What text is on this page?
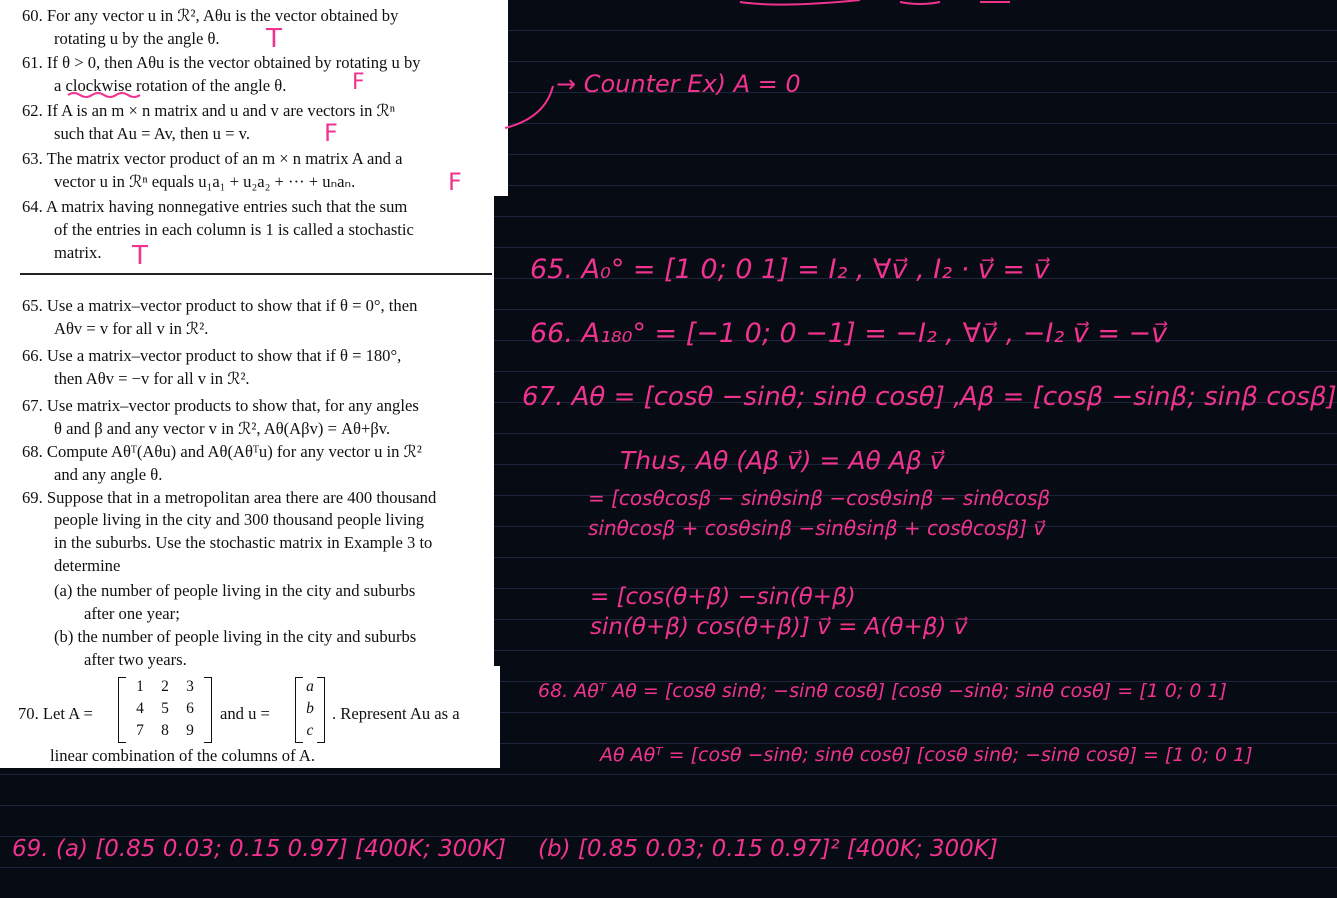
60. For any vector u in ℛ², Aθu is the vector obtained by
rotating u by the angle θ.
61. If θ > 0, then Aθu is the vector obtained by rotating u by
a clockwise rotation of the angle θ.
62. If A is an m × n matrix and u and v are vectors in ℛⁿ
such that Au = Av, then u = v.
63. The matrix vector product of an m × n matrix A and a
vector u in ℛⁿ equals u₁a₁ + u₂a₂ + ··· + uₙaₙ.
64. A matrix having nonnegative entries such that the sum
of the entries in each column is 1 is called a stochastic
matrix.
65. Use a matrix–vector product to show that if θ = 0°, then
Aθv = v for all v in ℛ².
66. Use a matrix–vector product to show that if θ = 180°,
then Aθv = −v for all v in ℛ².
67. Use matrix–vector products to show that, for any angles
θ and β and any vector v in ℛ², Aθ(Aβv) = Aθ+βv.
68. Compute Aθᵀ(Aθu) and Aθ(Aθᵀu) for any vector u in ℛ²
and any angle θ.
69. Suppose that in a metropolitan area there are 400 thousand
people living in the city and 300 thousand people living
in the suburbs. Use the stochastic matrix in Example 3 to
determine
(a) the number of people living in the city and suburbs
after one year;
(b) the number of people living in the city and suburbs
after two years.
70. Let A =	and u =	. Represent Au as a
linear combination of the columns of A.
1	2	3
4	5	6
7	8	9
a
b
c
T
F
F
F
T
→ Counter Ex) A = 0
65. A₀° = [1 0; 0 1] = I₂ , ∀v⃗ , I₂ · v⃗ = v⃗
66. A₁₈₀° = [−1 0; 0 −1] = −I₂ , ∀v⃗ , −I₂ v⃗ = −v⃗
67. Aθ = [cosθ −sinθ; sinθ cosθ] ,
Aβ = [cosβ −sinβ; sinβ cosβ]
Thus, Aθ (Aβ v⃗) = Aθ Aβ v⃗
= [cosθcosβ − sinθsinβ −cosθsinβ − sinθcosβ
sinθcosβ + cosθsinβ −sinθsinβ + cosθcosβ] v⃗
= [cos(θ+β) −sin(θ+β)
sin(θ+β) cos(θ+β)] v⃗ = A(θ+β) v⃗
68. Aθᵀ Aθ = [cosθ sinθ; −sinθ cosθ] [cosθ −sinθ; sinθ cosθ] = [1 0; 0 1]
Aθ Aθᵀ = [cosθ −sinθ; sinθ cosθ] [cosθ sinθ; −sinθ cosθ] = [1 0; 0 1]
69. (a) [0.85 0.03; 0.15 0.97] [400K; 300K] (b) [0.85 0.03; 0.15 0.97]² [400K; 300K]
